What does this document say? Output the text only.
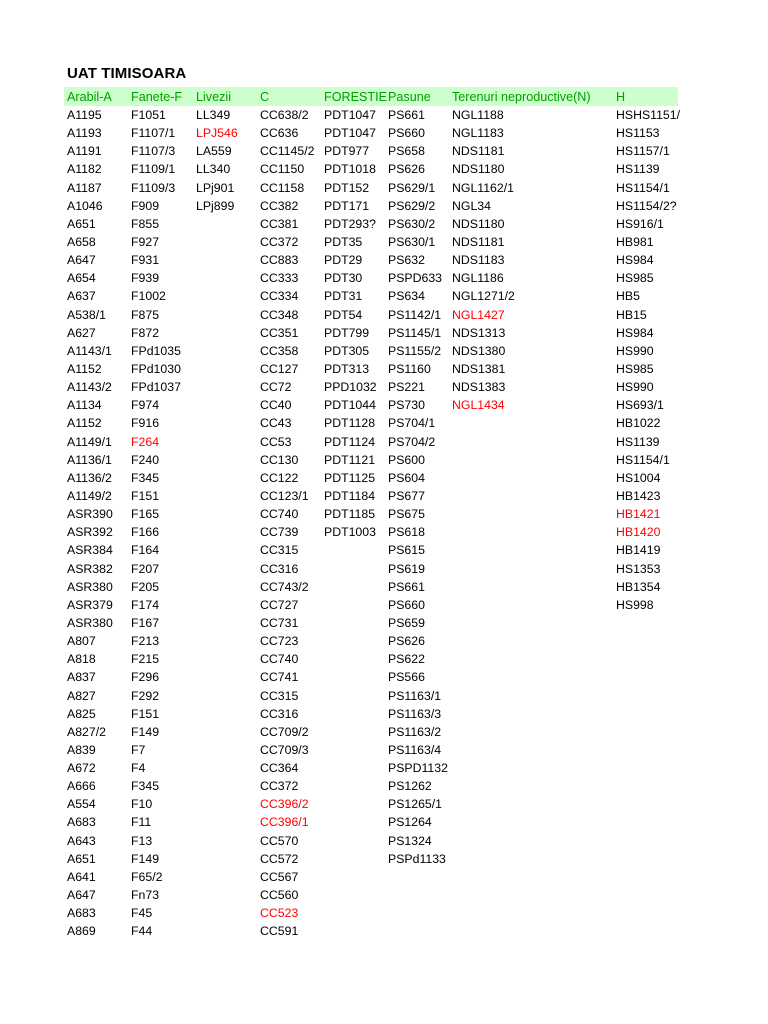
UAT TIMISOARA
Arabil-A
A1195
A1193
A1191
A1182
A1187
A1046
A651
A658
A647
A654
A637
A538/1
A627
A1143/1
A1152
A1143/2
A1134
A1152
A1149/1
A1136/1
A1136/2
A1149/2
ASR390
ASR392
ASR384
ASR382
ASR380
ASR379
ASR380
A807
A818
A837
A827
A825
A827/2
A839
A672
A666
A554
A683
A643
A651
A641
A647
A683
A869
Fanete-F
F1051
F1107/1
F1107/3
F1109/1
F1109/3
F909
F855
F927
F931
F939
F1002
F875
F872
FPd1035
FPd1030
FPd1037
F974
F916
F264
F240
F345
F151
F165
F166
F164
F207
F205
F174
F167
F213
F215
F296
F292
F151
F149
F7
F4
F345
F10
F11
F13
F149
F65/2
Fn73
F45
F44
Livezii
LL349
LPJ546
LA559
LL340
LPj901
LPj899
C
CC638/2
CC636
CC1145/2
CC1150
CC1158
CC382
CC381
CC372
CC883
CC333
CC334
CC348
CC351
CC358
CC127
CC72
CC40
CC43
CC53
CC130
CC122
CC123/1
CC740
CC739
CC315
CC316
CC743/2
CC727
CC731
CC723
CC740
CC741
CC315
CC316
CC709/2
CC709/3
CC364
CC372
CC396/2
CC396/1
CC570
CC572
CC567
CC560
CC523
CC591
FORESTIE
PDT1047
PDT1047
PDT977
PDT1018
PDT152
PDT171
PDT293?
PDT35
PDT29
PDT30
PDT31
PDT54
PDT799
PDT305
PDT313
PPD1032
PDT1044
PDT1128
PDT1124
PDT1121
PDT1125
PDT1184
PDT1185
PDT1003
Pasune
PS661
PS660
PS658
PS626
PS629/1
PS629/2
PS630/2
PS630/1
PS632
PSPD633
PS634
PS1142/1
PS1145/1
PS1155/2
PS1160
PS221
PS730
PS704/1
PS704/2
PS600
PS604
PS677
PS675
PS618
PS615
PS619
PS661
PS660
PS659
PS626
PS622
PS566
PS1163/1
PS1163/3
PS1163/2
PS1163/4
PSPD1132
PS1262
PS1265/1
PS1264
PS1324
PSPd1133
Terenuri neproductive(N)
NGL1188
NGL1183
NDS1181
NDS1180
NGL1162/1
NGL34
NDS1180
NDS1181
NDS1183
NGL1186
NGL1271/2
NGL1427
NDS1313
NDS1380
NDS1381
NDS1383
NGL1434
H
HSHS1151/
HS1153
HS1157/1
HS1139
HS1154/1
HS1154/2?
HS916/1
HB981
HS984
HS985
HB5
HB15
HS984
HS990
HS985
HS990
HS693/1
HB1022
HS1139
HS1154/1
HS1004
HB1423
HB1421
HB1420
HB1419
HS1353
HB1354
HS998
